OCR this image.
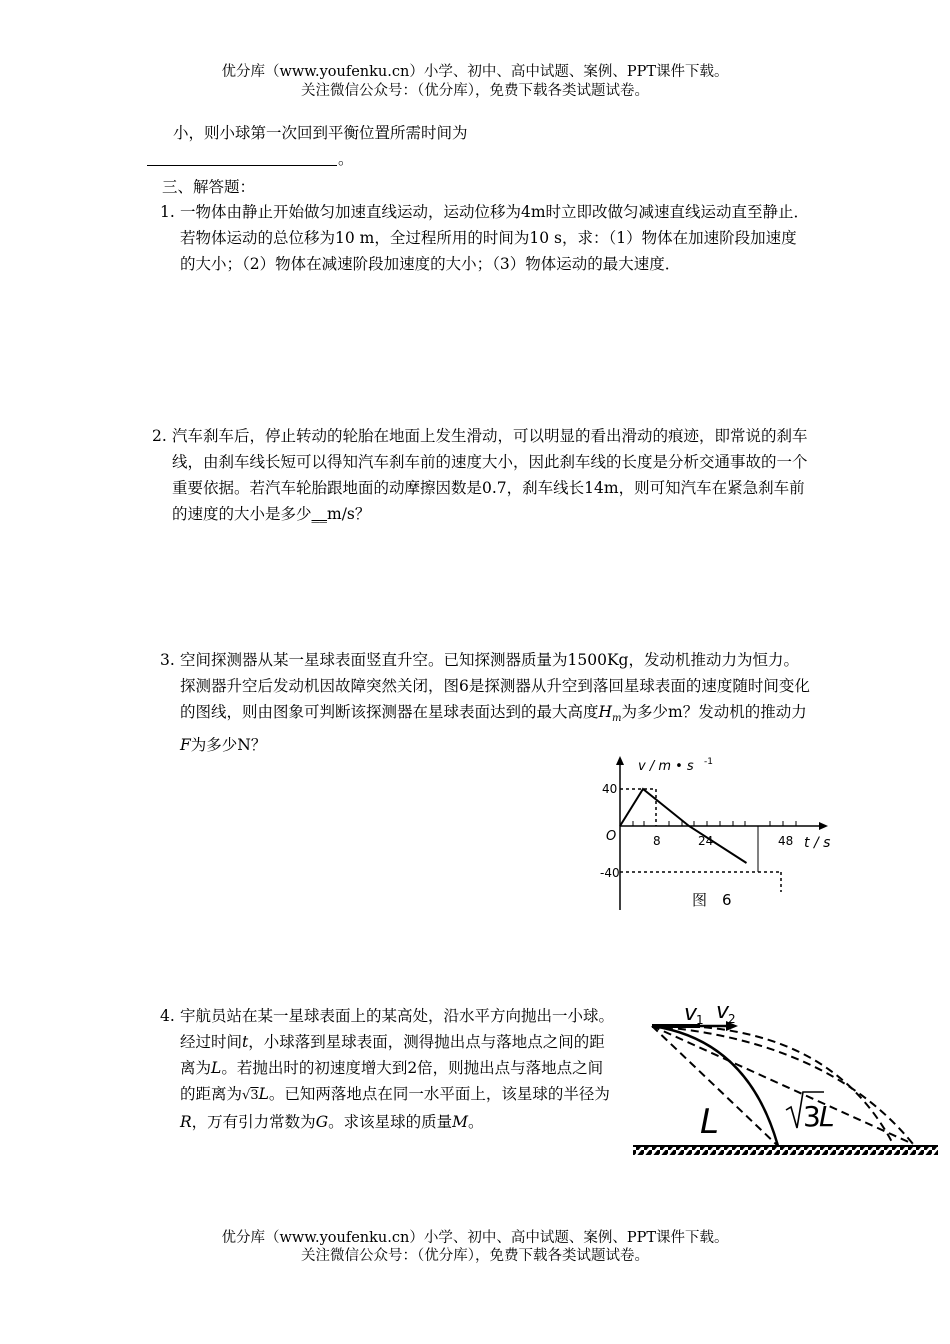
优分库（www.youfenku.cn）小学、初中、高中试题、案例、PPT课件下载。
关注微信公众号：（优分库），免费下载各类试题试卷。
小，则小球第一次回到平衡位置所需时间为
。
三、解答题：
1. 一物体由静止开始做匀加速直线运动，运动位移为4m时立即改做匀减速直线运动直至静止．若物体运动的总位移为10 m，全过程所用的时间为10 s，求：（1）物体在加速阶段加速度的大小；（2）物体在减速阶段加速度的大小；（3）物体运动的最大速度．
2. 汽车刹车后，停止转动的轮胎在地面上发生滑动，可以明显的看出滑动的痕迹，即常说的刹车线，由刹车线长短可以得知汽车刹车前的速度大小，因此刹车线的长度是分析交通事故的一个重要依据。若汽车轮胎跟地面的动摩擦因数是0.7，刹车线长14m，则可知汽车在紧急刹车前的速度的大小是多少__m/s？
3. 空间探测器从某一星球表面竖直升空。已知探测器质量为1500Kg，发动机推动力为恒力。探测器升空后发动机因故障突然关闭，图6是探测器从升空到落回星球表面的速度随时间变化的图线，则由图象可判断该探测器在星球表面达到的最大高度$H_m$为多少m？发动机的推动力F为多少N？
v / m • s -1
40
-40
O	8	24	48 t / s
图　6
4. 宇航员站在某一星球表面上的某高处，沿水平方向抛出一小球。经过时间t，小球落到星球表面，测得抛出点与落地点之间的距离为L。若抛出时的初速度增大到2倍，则抛出点与落地点之间的距离为√3L。已知两落地点在同一水平面上，该星球的半径为R，万有引力常数为G。求该星球的质量M。
v
1 v
2
L	3
L
优分库（www.youfenku.cn）小学、初中、高中试题、案例、PPT课件下载。
关注微信公众号：（优分库），免费下载各类试题试卷。
